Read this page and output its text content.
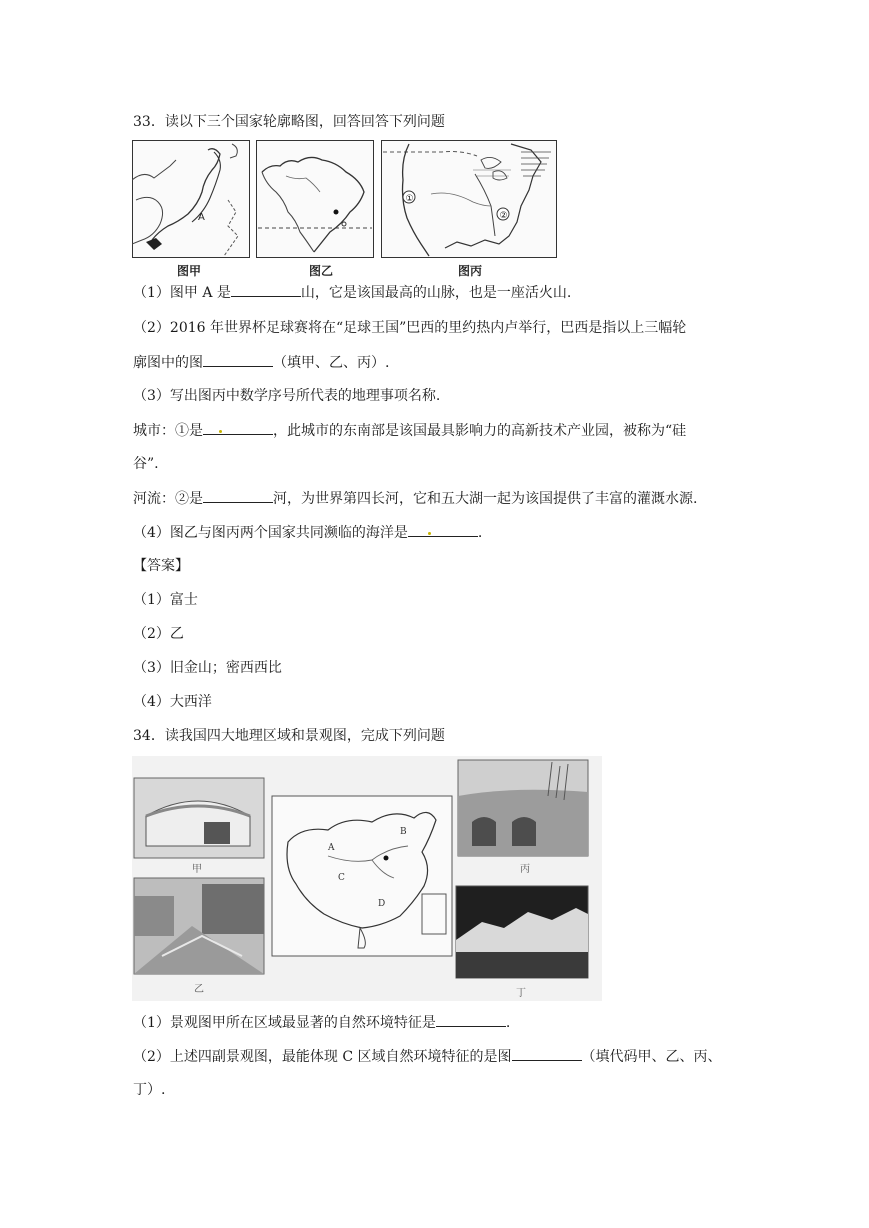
33．读以下三个国家轮廓略图，回答回答下列问题
A
①
②
图甲	图乙	图丙
（1）图甲 A 是	山，它是该国最高的山脉，也是一座活火山.
（2）2016 年世界杯足球赛将在“足球王国”巴西的里约热内卢举行，巴西是指以上三幅轮
廓图中的图	（填甲、乙、丙）.
（3）写出图丙中数学序号所代表的地理事项名称.
城市：①是	，此城市的东南部是该国最具影响力的高新技术产业园，被称为“硅
谷”.
河流：②是	河，为世界第四长河，它和五大湖一起为该国提供了丰富的灌溉水源.
（4）图乙与图丙两个国家共同濒临的海洋是	.
【答案】
（1）富士
（2）乙
（3）旧金山；密西西比
（4）大西洋
34．读我国四大地理区域和景观图，完成下列问题
甲
乙
A
B
C
D
丙
丁
（1）景观图甲所在区域最显著的自然环境特征是	.
（2）上述四副景观图，最能体现 C 区域自然环境特征的是图	（填代码甲、乙、丙、
丁）.
